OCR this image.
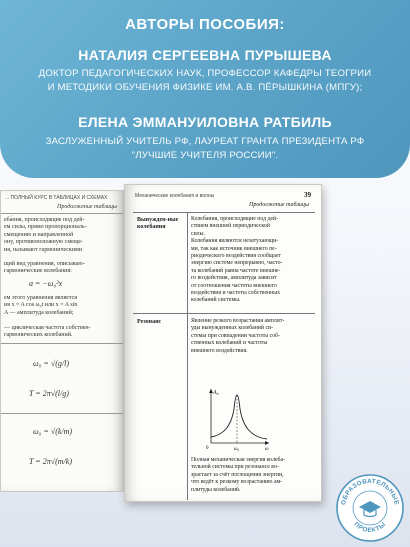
АВТОРЫ ПОСОБИЯ:
НАТАЛИЯ СЕРГЕЕВНА ПУРЫШЕВА
ДОКТОР ПЕДАГОГИЧЕСКИХ НАУК, ПРОФЕССОР КАФЕДРЫ ТЕОГРИИ
И МЕТОДИКИ ОБУЧЕНИЯ ФИЗИКЕ ИМ. А.В. ПЁРЫШКИНА (МПГУ);
ЕЛЕНА ЭММАНУИЛОВНА РАТБИЛЬ
ЗАСЛУЖЕННЫЙ УЧИТЕЛЬ РФ, ЛАУРЕАТ ГРАНТА ПРЕЗИДЕНТА РФ
"ЛУЧШИЕ УЧИТЕЛЯ РОССИИ".
... ПОЛНЫЙ КУРС В ТАБЛИЦАХ И СХЕМАХ
Продолжение таблицы
еба́ния, происходящие под дей-
ем силы, прямо пропорциональ-
смещению и направленной
ону, противоположную смеще-
ия, называют гармоническими
щий вид уравнения, описываю-
гармонические колебания:
a = −ω₀²x
ем этого уравнения является
ия x = A cos ω₀t или x = A sin
A — амплитуда колебаний;
— циклическая частота собствен-
гармонических колебаний.
ω₀ = √(g/l)
T = 2π√(l/g)
ω₀ = √(k/m)
T = 2π√(m/k)
Механические колебания и волны	39
Продолжение таблицы
Вынужден-ные колебания
Колебания, происходящие под дей-
ствием внешней периодической
силы.
Колебания являются незатухающи-
ми, так как источник внешнего пе-
риодического воздействия сообщает
энергию системе непрерывно, часто-
та колебаний равна частоте внешне-
го воздействия, амплитуда зависит
от соотношения частоты внешнего
воздействия и частоты собственных
колебаний системы.
Резонанс	Явление резкого возрастания амплит-
уды вынужденных колебаний си-
стемы при совпадении частоты соб-
ственных колебаний и частоты
внешнего воздействия.
A₀
0	ω₀	ω
Полная механическая энергия колеба-
тельной системы при резонансе во-
зрастает за счёт поглощения энергии,
что ведёт к резкому возрастанию ам-
плитуды колебаний.
ОБРАЗОВАТЕЛЬНЫЕ
ПРОЕКТЫ
